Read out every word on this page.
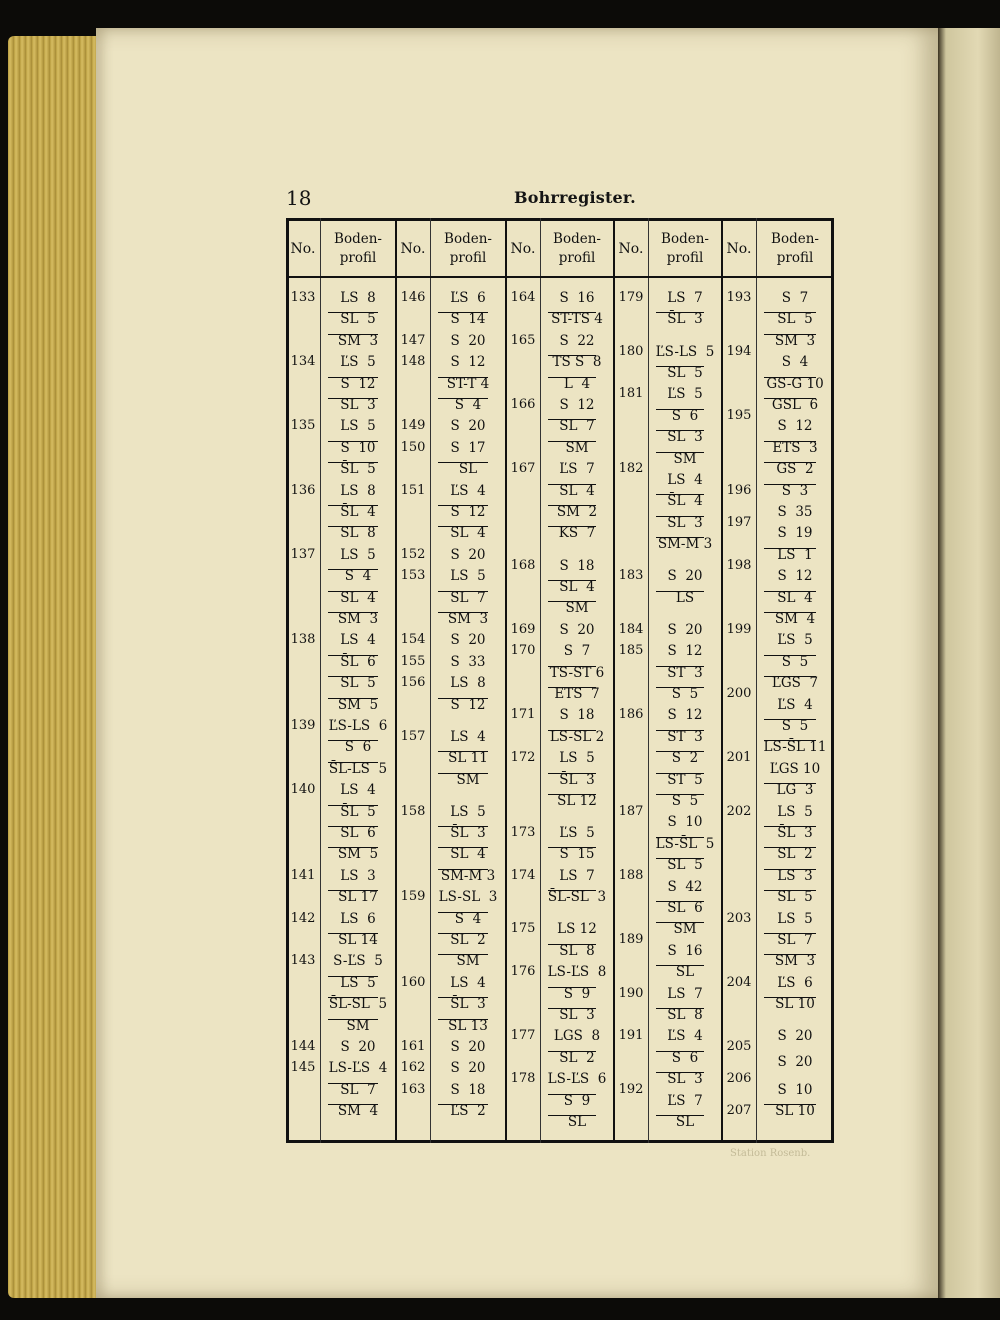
18	Bohrregister.
No.
Boden-
profil
No.
Boden-
profil
No.
Boden-
profil
No.
Boden-
profil
No.
Boden-
profil
133
134
135
136
137
138
139
140
141
142
143
144
145
LS  8
SL  5
SM  3
ĽS  5
S  12
SL  3
LS  5
S  10
S̄L  5
LS  8
S̄L  4
SL  8
LS  5
S  4
SL  4
SM  3
LS  4
S̄L  6
SL  5
SM  5
ĽS-LS  6
S  6
S̄L-LS  5
LS  4
S̄L  5
SL  6
SM  5
LS  3
SL 17
LS  6
SL 14
S-ĽS  5
LS  5
S̄L-SL  5
SM
S  20
LS-ĽS  4
SL  7
SM  4
146
147
148
149
150
151
152
153
154
155
156
157
158
159
160
161
162
163
ĽS  6
S  14
S  20
S  12
ST-T 4
S  4
S  20
S  17
SL
ĽS  4
S  12
SL  4
S  20
LS  5
SL  7
SM  3
S  20
S  33
LS  8
S  12
LS  4
SL 11
SM
LS  5
S̄L  3
SL  4
SM-M 3
LS-SL  3
S  4
SL  2
SM
LS  4
S̄L  3
SL 13
S  20
S  20
S  18
ĽS  2
164
165
166
167
168
169
170
171
172
173
174
175
176
177
178
S  16
ST-TS 4
S  22
TS S  8
L  4
S  12
SL  7
SM
ĽS  7
SL  4
SM  2
KS  7
S  18
SL  4
SM
S  20
S  7
TS-ST 6
ETS  7
S  18
LS-SL 2
LS  5
S̄L  3
SL 12
ĽS  5
S  15
LS  7
S̄L-SL  3
LS 12
SL  8
LS-ĽS  8
S  9
SL  3
LGS  8
SL  2
LS-ĽS  6
S  9
SL
179
180
181
182
183
184
185
186
187
188
189
190
191
192
LS  7
S̄L  3
ĽS-LS  5
SL  5
ĽS  5
S  6
SL  3
SM
LS  4
S̄L  4
SL  3
SM-M 3
S  20
LS
S  20
S  12
ST  3
S  5
S  12
ST  3
S  2
ST  5
S  5
S  10
LS-S̄L  5
SL  5
S  42
SL  6
SM
S  16
SL
LS  7
SL  8
ĽS  4
S  6
SL  3
ĽS  7
SL
193
194
195
196
197
198
199
200
201
202
203
204
205
206
207
S  7
SL  5
SM  3
S  4
GS-G 10
GSL  6
S  12
ETS  3
GS  2
S  3
S  35
S  19
LS  1
S  12
SL  4
SM  4
ĽS  5
S  5
ĽGS  7
ĽS  4
S  5
LS-S̄L 11
ĽGS 10
LG  3
LS  5
S̄L  3
SL  2
LS  3
SL  5
LS  5
SL  7
SM  3
ĽS  6
SL 10
S  20
S  20
S  10
SL 10
Station Rosenb.
